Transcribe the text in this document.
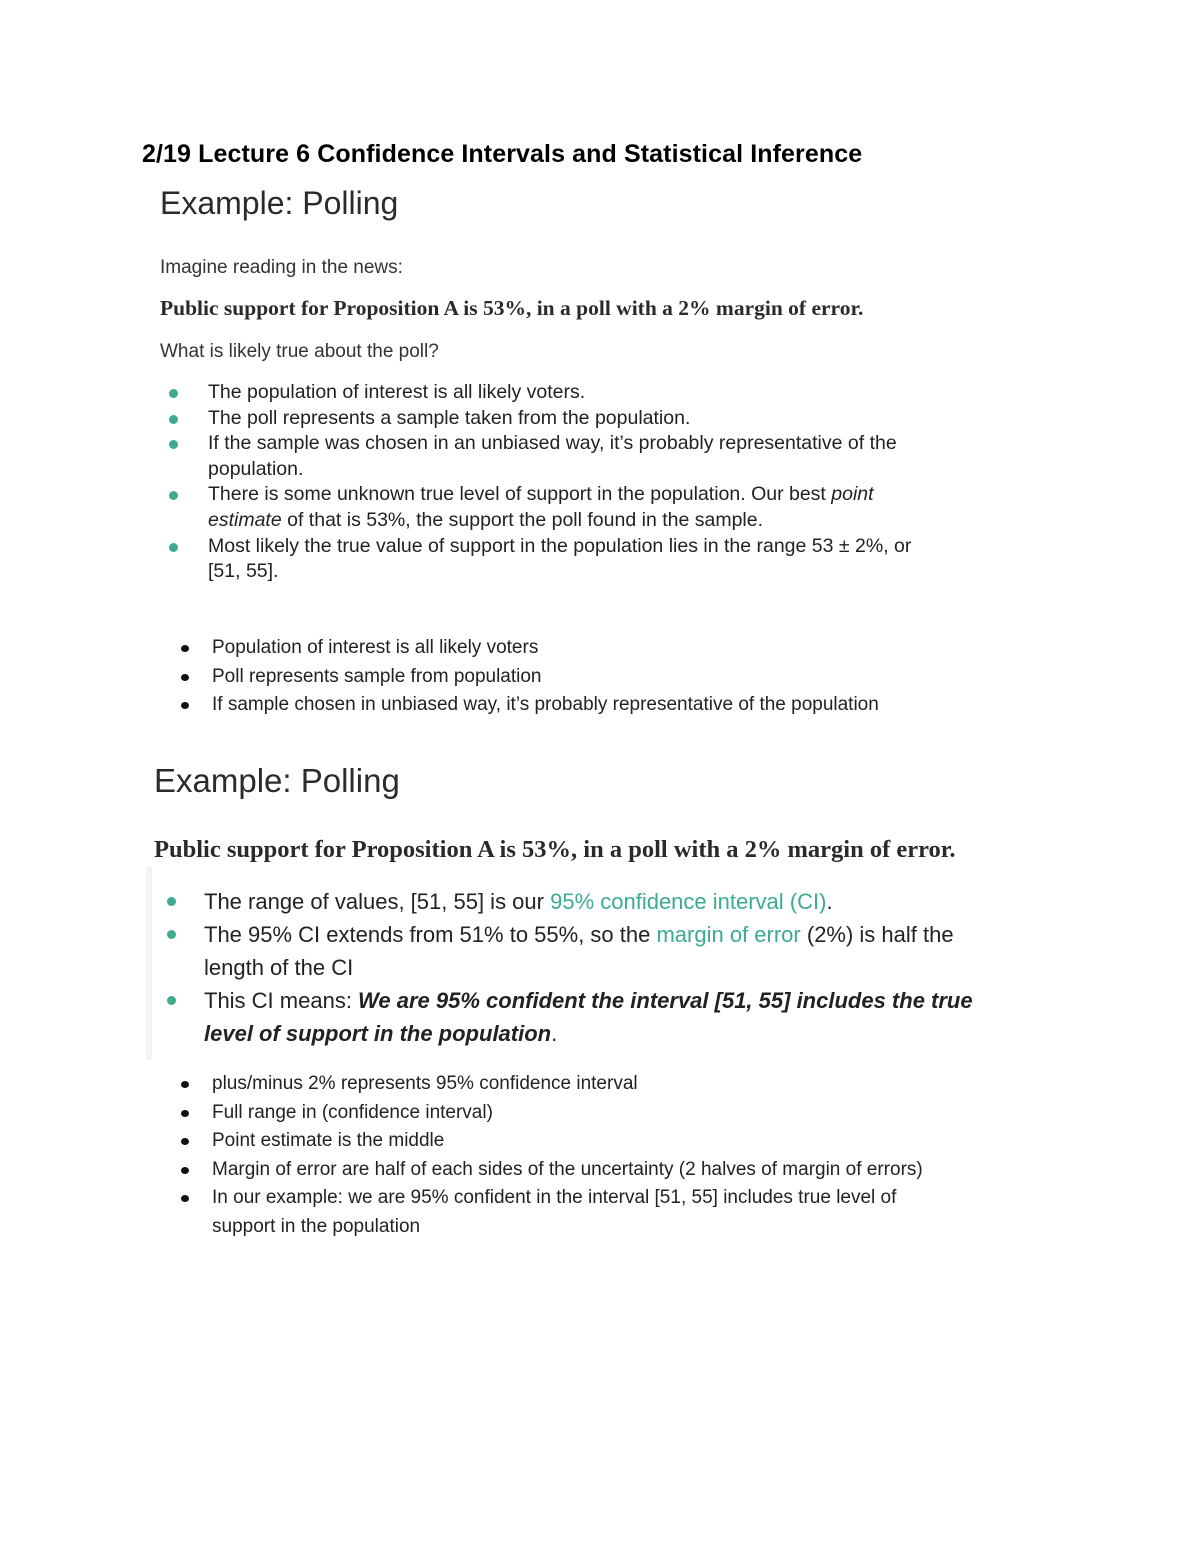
2/19 Lecture 6 Confidence Intervals and Statistical Inference
Example: Polling
Imagine reading in the news:
Public support for Proposition A is 53%, in a poll with a 2% margin of error.
What is likely true about the poll?
The population of interest is all likely voters.
The poll represents a sample taken from the population.
If the sample was chosen in an unbiased way, it’s probably representative of the
population.
There is some unknown true level of support in the population. Our best point
estimate of that is 53%, the support the poll found in the sample.
Most likely the true value of support in the population lies in the range 53 ± 2%, or
[51, 55].
Population of interest is all likely voters
Poll represents sample from population
If sample chosen in unbiased way, it’s probably representative of the population
Example: Polling
Public support for Proposition A is 53%, in a poll with a 2% margin of error.
The range of values, [51, 55] is our 95% confidence interval (CI).
The 95% CI extends from 51% to 55%, so the margin of error (2%) is half the
length of the CI
This CI means: We are 95% confident the interval [51, 55] includes the true
level of support in the population.
plus/minus 2% represents 95% confidence interval
Full range in (confidence interval)
Point estimate is the middle
Margin of error are half of each sides of the uncertainty (2 halves of margin of errors)
In our example: we are 95% confident in the interval [51, 55] includes true level of
support in the population
